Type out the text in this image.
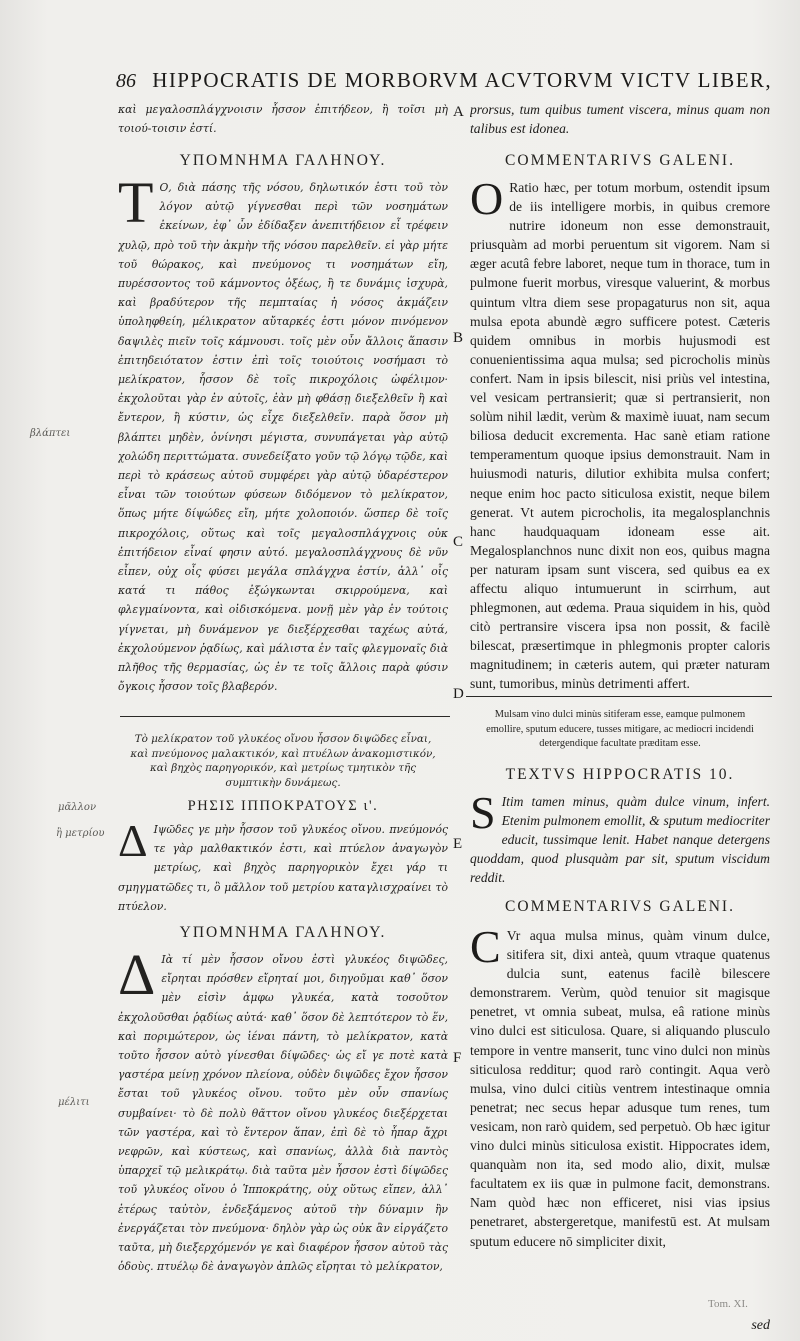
86 HIPPOCRATIS DE MORBORVM ACVTORVM VICTV LIBER,
βλάπτει
μᾶλλον
ἢ μετρίου
μέλιτι
A
B
C
D
E
F
καὶ μεγαλοσπλάγχνοισιν ἧσσον ἐπιτήδεον, ἢ τοῖσι μὴ τοιού-τοισιν ἐστί.
ΥΠΟΜΝΗΜΑ ΓΑΛΗΝΟΥ.
Τ Ο, διὰ πάσης τῆς νόσου, δηλωτικόν ἐστι τοῦ τὸν λόγον αὐτῷ γίγνεσθαι περὶ τῶν νοσημάτων ἐκείνων, ἐφ᾽ ὧν ἐδίδαξεν ἀνεπιτήδειον εἶ τρέφειν χυλῷ, πρὸ τοῦ τὴν ἀκμὴν τῆς νόσου παρελθεῖν. εἰ γὰρ μήτε τοῦ θώρακος, καὶ πνεύμονος τι νοσημάτων εἴη, πυρέσσοντος τοῦ κάμνοντος ὀξέως, ἢ τε δυνάμις ἰσχυρὰ, καὶ βραδύτερον τῆς πεμπταίας ἡ νόσος ἀκμάζειν ὑποληφθείη, μέλικρατον αὔταρκές ἐστι μόνον πινόμενον δαψιλὲς πιεῖν τοῖς κάμνουσι. τοῖς μὲν οὖν ἄλλοις ἅπασιν ἐπιτηδειότατον ἐστιν ἐπὶ τοῖς τοιούτοις νοσήμασι τὸ μελίκρατον, ἧσσον δὲ τοῖς πικροχόλοις ὠφέλιμον· ἐκχολοῦται γὰρ ἐν αὐτοῖς, ἐὰν μὴ φθάσῃ διεξελθεῖν ἢ καὶ ἔντερον, ἢ κύστιν, ὡς εἶχε διεξελθεῖν. παρὰ ὅσον μὴ βλάπτει μηδὲν, ὀνίνησι μέγιστα, συνυπάγεται γὰρ αὐτῷ χολώδη περιττώματα. συνεδείξατο γοῦν τῷ λόγῳ τῷδε, καὶ περὶ τὸ κράσεως αὐτοῦ συμφέρει γὰρ αὐτῷ ὑδαρέστερον εἶναι τῶν τοιούτων φύσεων διδόμενον τὸ μελίκρατον, ὅπως μήτε δίψώδες εἴη, μήτε χολοποιόν. ὥσπερ δὲ τοῖς πικροχόλοις, οὕτως καὶ τοῖς μεγαλοσπλάγχνοις οὐκ ἐπιτήδειον εἶναί φησιν αὐτό. μεγαλοσπλάγχνους δὲ νῦν εἶπεν, οὐχ οἷς φύσει μεγάλα σπλάγχνα ἐστίν, ἀλλ᾽ οἷς κατά τι πάθος ἐξώγκωνται σκιρρούμενα, καὶ φλεγμαίνοντα, καὶ οἰδισκόμενα. μονῇ μὲν γὰρ ἐν τούτοις γίγνεται, μὴ δυνάμενον γε διεξέρχεσθαι ταχέως αὐτά, ἐκχολούμενον ῥᾳδίως, καὶ μάλιστα ἐν ταῖς φλεγμοναῖς διὰ πλῆθος τῆς θερμασίας, ὡς ἐν τε τοῖς ἄλλοις παρὰ φύσιν ὄγκοις ἧσσον τοῖς βλαβερόν.
Τὸ μελίκρατον τοῦ γλυκέος οἴνου ἧσσον διψῶδες εἶναι, καὶ πνεύμονος μαλακτικόν, καὶ πτυέλων ἀνακομιστικόν, καὶ βηχὸς παρηγορικόν, καὶ μετρίως τμητικὸν τῆς συμπτικὴν δυνάμεως.
ΡΗΣΙΣ ΙΠΠΟΚΡΑΤΟΥΣ ι'.
Δ Ιψῶδες γε μὴν ἧσσον τοῦ γλυκέος οἴνου. πνεύμονός τε γὰρ μαλθακτικόν ἐστι, καὶ πτύελον ἀναγωγὸν μετρίως, καὶ βηχὸς παρηγορικὸν ἔχει γάρ τι σμηγματῶδες τι, ὃ μᾶλλον τοῦ μετρίου καταγλισχραίνει τὸ πτύελον.
ΥΠΟΜΝΗΜΑ ΓΑΛΗΝΟΥ.
Δ Ιὰ τί μὲν ἧσσον οἴνου ἐστὶ γλυκέος διψῶδες, εἴρηται πρόσθεν εἴρηταί μοι, διηγοῦμαι καθ᾽ ὅσον μὲν εἰσὶν ἀμφω γλυκέα, κατὰ τοσοῦτον ἐκχολοῦσθαι ῥᾳδίως αὐτά· καθ᾽ ὅσον δὲ λεπτότερον τὸ ἕν, καὶ ποριμώτερον, ὡς ἰέναι πάντη, τὸ μελίκρατον, κατὰ τοῦτο ἧσσον αὐτὸ γίνεσθαι δίψῶδες· ὡς εἴ γε ποτὲ κατὰ γαστέρα μείνῃ χρόνον πλείονα, οὐδὲν διψῶδες ἔχον ἧσσον ἔσται τοῦ γλυκέος οἴνου. τοῦτο μὲν οὖν σπανίως συμβαίνει· τὸ δὲ πολὺ θᾶττον οἴνου γλυκέος διεξέρχεται τῶν γαστέρα, καὶ τὸ ἔντερον ἅπαν, ἐπὶ δὲ τὸ ἧπαρ ἄχρι νεφρῶν, καὶ κύστεως, καὶ σπανίως, ἀλλὰ διὰ παντὸς ὑπαρχεῖ τῷ μελικράτῳ. διὰ ταῦτα μὲν ἧσσον ἐστὶ δίψῶδες τοῦ γλυκέος οἴνου ὁ Ἱπποκράτης, οὐχ οὕτως εἴπεν, ἀλλ᾽ ἑτέρως ταὐτὸν, ἐνδεξάμενος αὐτοῦ τὴν δύναμιν ἣν ἐνεργάζεται τὸν πνεύμονα· δηλὸν γὰρ ὡς οὐκ ἂν εἰργάζετο ταῦτα, μὴ διεξερχόμενόν γε καὶ διαφέρον ἧσσον αὐτοῦ τὰς ὁδοὺς. πτυέλῳ δὲ ἀναγωγὸν ἁπλῶς εἴρηται τὸ μελίκρατον,
prorsus, tum quibus tument viscera, minus quam non talibus est idonea.
COMMENTARIVS GALENI.
O Ratio hæc, per totum morbum, ostendit ipsum de iis intelligere morbis, in quibus cremore nutrire idoneum non esse demonstrauit, priusquàm ad morbi peruentum sit vigorem. Nam si æger acutâ febre laboret, neque tum in thorace, tum in pulmone fuerit morbus, viresque valuerint, & morbus quintum vltra diem sese propagaturus non sit, aqua mulsa epota abundè ægro sufficere potest. Cæteris quidem omnibus in morbis hujusmodi est conuenientissima aqua mulsa; sed picrocholis minùs confert. Nam in ipsis bilescit, nisi priùs vel intestina, vel vesicam pertransierit; quæ si pertransierit, non solùm nihil lædit, verùm & maximè iuuat, nam secum biliosa deducit excrementa. Hac sanè etiam ratione temperamentum quoque ipsius demonstrauit. Nam in huiusmodi naturis, dilutior exhibita mulsa confert; neque enim hoc pacto siticulosa existit, neque bilem generat. Vt autem picrocholis, ita megalosplanchnis hanc haudquaquam idoneam esse ait. Megalosplanchnos nunc dixit non eos, quibus magna per naturam ipsam sunt viscera, sed quibus ea ex affectu aliquo intumuerunt in scirrhum, aut phlegmonen, aut œdema. Praua siquidem in his, quòd citò pertransire viscera ipsa non possit, & facilè bilescat, præsertimque in phlegmonis propter caloris magnitudinem; in cæteris autem, qui præter naturam sunt, tumoribus, minùs detrimenti affert.
Mulsam vino dulci minùs sitiferam esse, eamque pulmonem emollire, sputum educere, tusses mitigare, ac mediocri incidendi detergendique facultate præditam esse.
TEXTVS HIPPOCRATIS 10.
S Itim tamen minus, quàm dulce vinum, infert. Etenim pulmonem emollit, & sputum mediocriter educit, tussimque lenit. Habet nanque detergens quoddam, quod plusquàm par sit, sputum viscidum reddit.
COMMENTARIVS GALENI.
C Vr aqua mulsa minus, quàm vinum dulce, sitifera sit, dixi anteà, quum vtraque quatenus dulcia sunt, eatenus facilè bilescere demonstrarem. Verùm, quòd tenuior sit magisque penetret, vt omnia subeat, mulsa, eâ ratione minùs vino dulci est siticulosa. Quare, si aliquando plusculo tempore in ventre manserit, tunc vino dulci non minùs siticulosa redditur; quod rarò contingit. Aqua verò mulsa, vino dulci citiùs ventrem intestinaque omnia penetrat; nec secus hepar adusque tum renes, tum vesicam, non rarò quidem, sed perpetuò. Ob hæc igitur vino dulci minùs siticulosa existit. Hippocrates idem, quanquàm non ita, sed modo alio, dixit, mulsæ facultatem ex iis quæ in pulmone facit, demonstrans. Nam quòd hæc non efficeret, nisi vias ipsius penetraret, abstergeretque, manifestū est. At mulsam sputum educere nō simpliciter dixit,
Tom. XI.
sed
